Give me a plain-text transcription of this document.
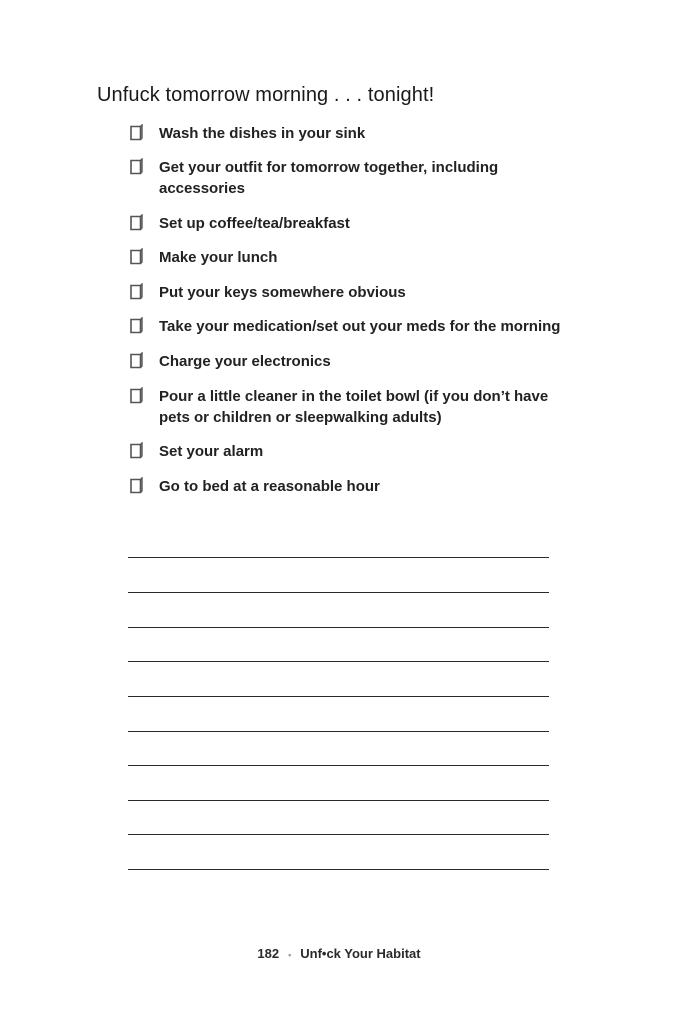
Unfuck tomorrow morning . . . tonight!
Wash the dishes in your sink
Get your outfit for tomorrow together, including accessories
Set up coffee/tea/breakfast
Make your lunch
Put your keys somewhere obvious
Take your medication/set out your meds for the morning
Charge your electronics
Pour a little cleaner in the toilet bowl (if you don’t have pets or children or sleepwalking adults)
Set your alarm
Go to bed at a reasonable hour
182 • Unf•ck Your Habitat
